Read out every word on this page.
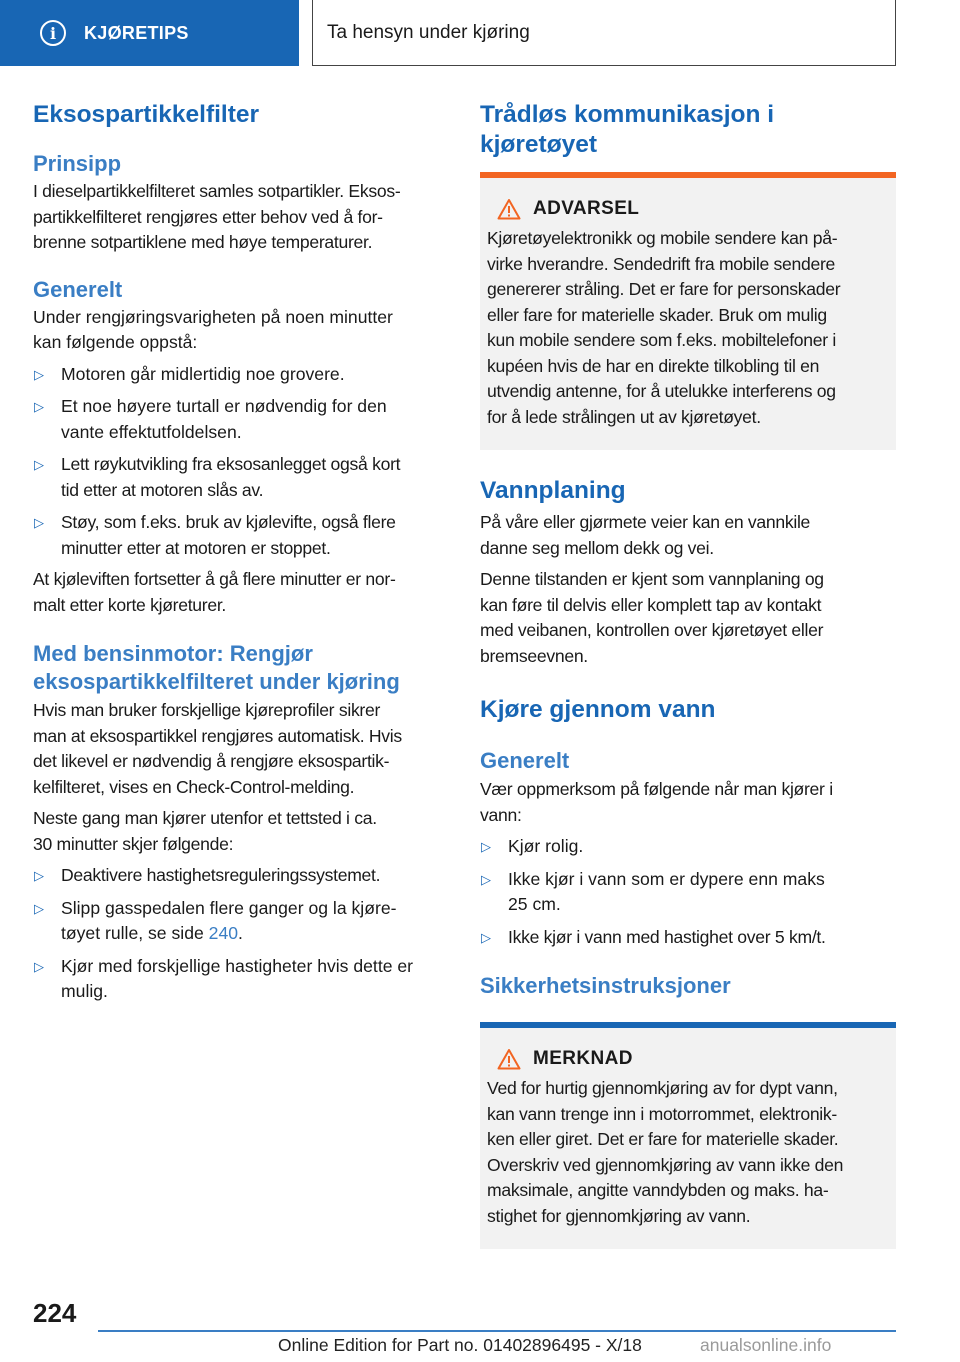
i	KJØRETIPS	Ta hensyn under kjøring
Eksospartikkelfilter
Prinsipp

I dieselpartikkelfilteret samles sotpartikler. Eksos-
partikkelfilteret rengjøres etter behov ved å for-
brenne sotpartiklene med høye temperaturer.

Generelt

Under rengjøringsvarigheten på noen minutter
kan følgende oppstå:

▷ Motoren går midlertidig noe grovere.
▷ Et noe høyere turtall er nødvendig for den
vante effektutfoldelsen.
▷ Lett røykutvikling fra eksosanlegget også kort
tid etter at motoren slås av.
▷ Støy, som f.eks. bruk av kjølevifte, også flere
minutter etter at motoren er stoppet.

At kjøleviften fortsetter å gå flere minutter er nor-
malt etter korte kjøreturer.

Med bensinmotor: Rengjør
eksospartikkelfilteret under kjøring

Hvis man bruker forskjellige kjøreprofiler sikrer
man at eksospartikkel rengjøres automatisk. Hvis
det likevel er nødvendig å rengjøre eksospartik-
kelfilteret, vises en Check-Control-melding.

Neste gang man kjører utenfor et tettsted i ca.
30 minutter skjer følgende:

▷ Deaktivere hastighetsreguleringssystemet.
▷ Slipp gasspedalen flere ganger og la kjøre-
tøyet rulle, se side 240.
▷ Kjør med forskjellige hastigheter hvis dette er
mulig.
Trådløs kommunikasjon i
kjøretøyet
ADVARSEL

Kjøretøyelektronikk og mobile sendere kan på-
virke hverandre. Sendedrift fra mobile sendere
genererer stråling. Det er fare for personskader
eller fare for materielle skader. Bruk om mulig
kun mobile sendere som f.eks. mobiltelefoner i
kupéen hvis de har en direkte tilkobling til en
utvendig antenne, for å utelukke interferens og
for å lede strålingen ut av kjøretøyet.

Vannplaning

På våre eller gjørmete veier kan en vannkile
danne seg mellom dekk og vei.

Denne tilstanden er kjent som vannplaning og
kan føre til delvis eller komplett tap av kontakt
med veibanen, kontrollen over kjøretøyet eller
bremseevnen.

Kjøre gjennom vann
Generelt

Vær oppmerksom på følgende når man kjører i
vann:

▷ Kjør rolig.
▷ Ikke kjør i vann som er dypere enn maks
25 cm.
▷ Ikke kjør i vann med hastighet over 5 km/t.
Sikkerhetsinstruksjoner
MERKNAD

Ved for hurtig gjennomkjøring av for dypt vann,
kan vann trenge inn i motorrommet, elektronik-
ken eller giret. Det er fare for materielle skader.
Overskriv ved gjennomkjøring av vann ikke den
maksimale, angitte vanndybden og maks. ha-
stighet for gjennomkjøring av vann.

224
Online Edition for Part no. 01402896495 - X/18	anualsonline.info
